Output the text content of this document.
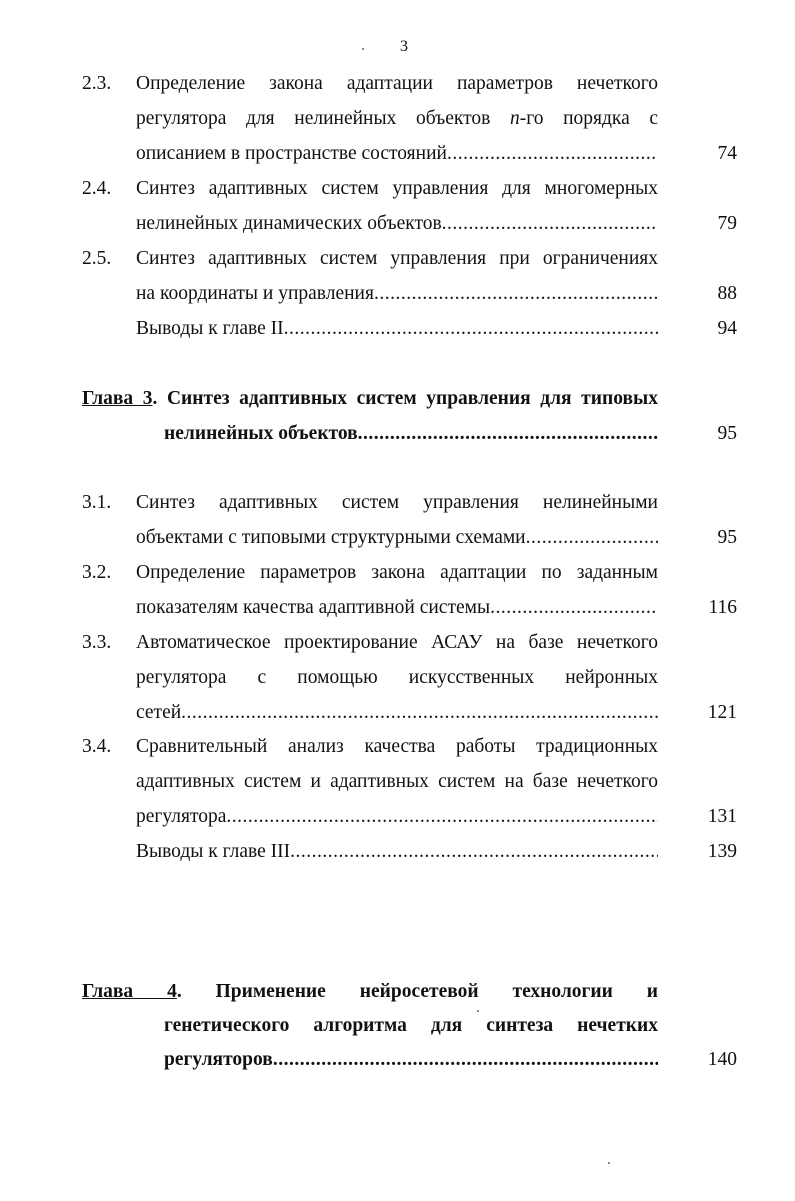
3
2.3. Определение закона адаптации параметров нечеткого
регулятора для нелинейных объектов n-го порядка с
описанием в пространстве состояний .....	74
2.4. Синтез адаптивных систем управления для многомерных
нелинейных динамических объектов .....	79
2.5. Синтез адаптивных систем управления при ограничениях
на координаты и управления .....	88
Выводы к главе II .....	94
Глава 3. Синтез адаптивных систем управления для типовых
нелинейных объектов .....	95
3.1. Синтез адаптивных систем управления нелинейными
объектами с типовыми структурными схемами .....	95
3.2. Определение параметров закона адаптации по заданным
показателям качества адаптивной системы .....	116
3.3. Автоматическое проектирование АСАУ на базе нечеткого
регулятора с помощью искусственных нейронных
сетей .....	121
3.4. Сравнительный анализ качества работы традиционных
адаптивных систем и адаптивных систем на базе нечеткого
регулятора .....	131
Выводы к главе III .....	139
Глава 4. Применение нейросетевой технологии и
генетического алгоритма для синтеза нечетких
регуляторов .....	140
